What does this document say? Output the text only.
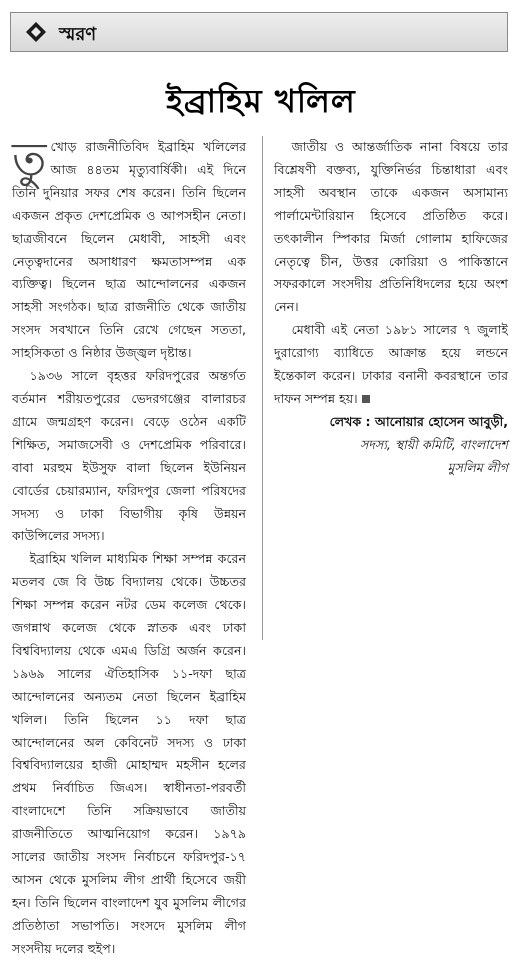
স্মরণ
ইব্রাহিম খলিল

তুখোড় রাজনীতিবিদ ইব্রাহিম খলিলের আজ ৪৪তম মৃত্যুবার্ষিকী। এই দিনে তিনি দুনিয়ার সফর শেষ করেন। তিনি ছিলেন একজন প্রকৃত দেশপ্রেমিক ও আপসহীন নেতা। ছাত্রজীবনে ছিলেন মেধাবী, সাহসী এবং নেতৃত্বদানের অসাধারণ ক্ষমতাসম্পন্ন এক ব্যক্তিত্ব। ছিলেন ছাত্র আন্দোলনের একজন সাহসী সংগঠক। ছাত্র রাজনীতি থেকে জাতীয় সংসদ সবখানে তিনি রেখে গেছেন সততা, সাহসিকতা ও নিষ্ঠার উজ্জ্বল দৃষ্টান্ত।

১৯৩৬ সালে বৃহত্তর ফরিদপুরের অন্তর্গত বর্তমান শরীয়তপুরের ভেদরগঞ্জের বালারচর গ্রামে জন্মগ্রহণ করেন। বেড়ে ওঠেন একটি শিক্ষিত, সমাজসেবী ও দেশপ্রেমিক পরিবারে। বাবা মরহুম ইউসুফ বালা ছিলেন ইউনিয়ন বোর্ডের চেয়ারম্যান, ফরিদপুর জেলা পরিষদের সদস্য ও ঢাকা বিভাগীয় কৃষি উন্নয়ন কাউন্সিলের সদস্য।

ইব্রাহিম খলিল মাধ্যমিক শিক্ষা সম্পন্ন করেন মতলব জে বি উচ্চ বিদ্যালয় থেকে। উচ্চতর শিক্ষা সম্পন্ন করেন নটর ডেম কলেজ থেকে। জগন্নাথ কলেজ থেকে স্নাতক এবং ঢাকা বিশ্ববিদ্যালয় থেকে এমএ ডিগ্রি অর্জন করেন। ১৯৬৯ সালের ঐতিহাসিক ১১-দফা ছাত্র আন্দোলনের অন্যতম নেতা ছিলেন ইব্রাহিম খলিল। তিনি ছিলেন ১১ দফা ছাত্র আন্দোলনের অল কেবিনেট সদস্য ও ঢাকা বিশ্ববিদ্যালয়ের হাজী মোহাম্মদ মহসীন হলের প্রথম নির্বাচিত জিএস। স্বাধীনতা-পরবর্তী বাংলাদেশে তিনি সক্রিয়ভাবে জাতীয় রাজনীতিতে আত্মনিয়োগ করেন। ১৯৭৯ সালের জাতীয় সংসদ নির্বাচনে ফরিদপুর-১৭ আসন থেকে মুসলিম লীগ প্রার্থী হিসেবে জয়ী হন। তিনি ছিলেন বাংলাদেশ যুব মুসলিম লীগের প্রতিষ্ঠাতা সভাপতি। সংসদে মুসলিম লীগ সংসদীয় দলের হুইপ।

জাতীয় ও আন্তর্জাতিক নানা বিষয়ে তার বিশ্লেষণী বক্তব্য, যুক্তিনির্ভর চিন্তাধারা এবং সাহসী অবস্থান তাকে একজন অসামান্য পার্লামেন্টারিয়ান হিসেবে প্রতিষ্ঠিত করে। তৎকালীন স্পিকার মির্জা গোলাম হাফিজের নেতৃত্বে চীন, উত্তর কোরিয়া ও পাকিস্তানে সফরকালে সংসদীয় প্রতিনিধিদলের হয়ে অংশ নেন।

মেধাবী এই নেতা ১৯৮১ সালের ৭ জুলাই দুরারোগ্য ব্যাধিতে আক্রান্ত হয়ে লন্ডনে ইন্তেকাল করেন। ঢাকার বনানী কবরস্থানে তার দাফন সম্পন্ন হয়।

লেখক : আনোয়ার হোসেন আবুড়ী,
সদস্য, স্থায়ী কমিটি, বাংলাদেশ
মুসলিম লীগ
